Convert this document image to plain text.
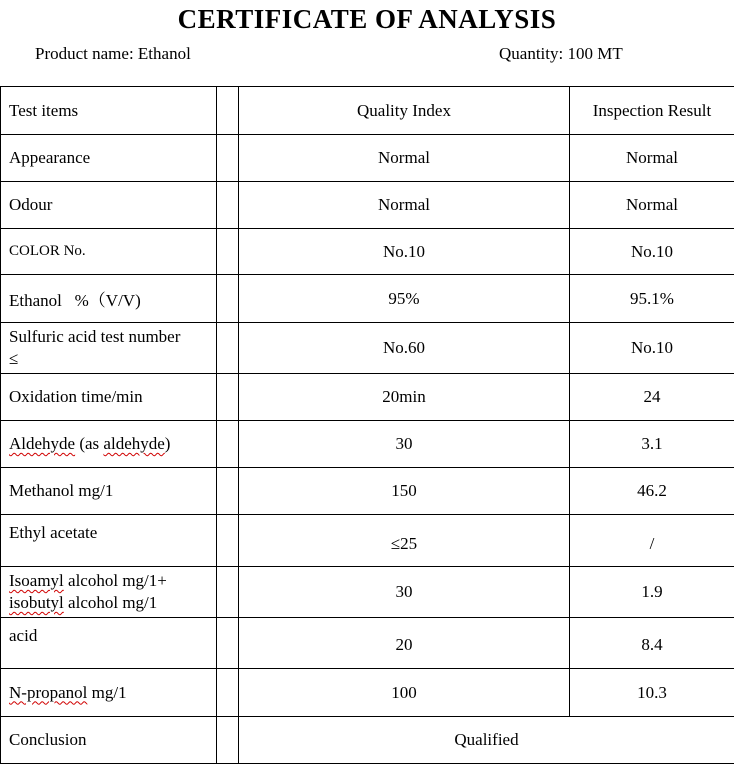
CERTIFICATE OF ANALYSIS
Product name: Ethanol	Quantity: 100 MT
Test items		Quality Index	Inspection Result
Appearance		Normal	Normal
Odour		Normal	Normal
COLOR No.		No.10	No.10
Ethanol   %（V/V)		95%	95.1%
Sulfuric acid test number
≤		No.60	No.10
Oxidation time/min		20min	24
Aldehyde (as aldehyde)		30	3.1
Methanol mg/1		150	46.2
Ethyl acetate		≤25	/
Isoamyl alcohol mg/1+
isobutyl alcohol mg/1		30	1.9
acid		20	8.4
N-propanol mg/1		100	10.3
Conclusion		Qualified	
